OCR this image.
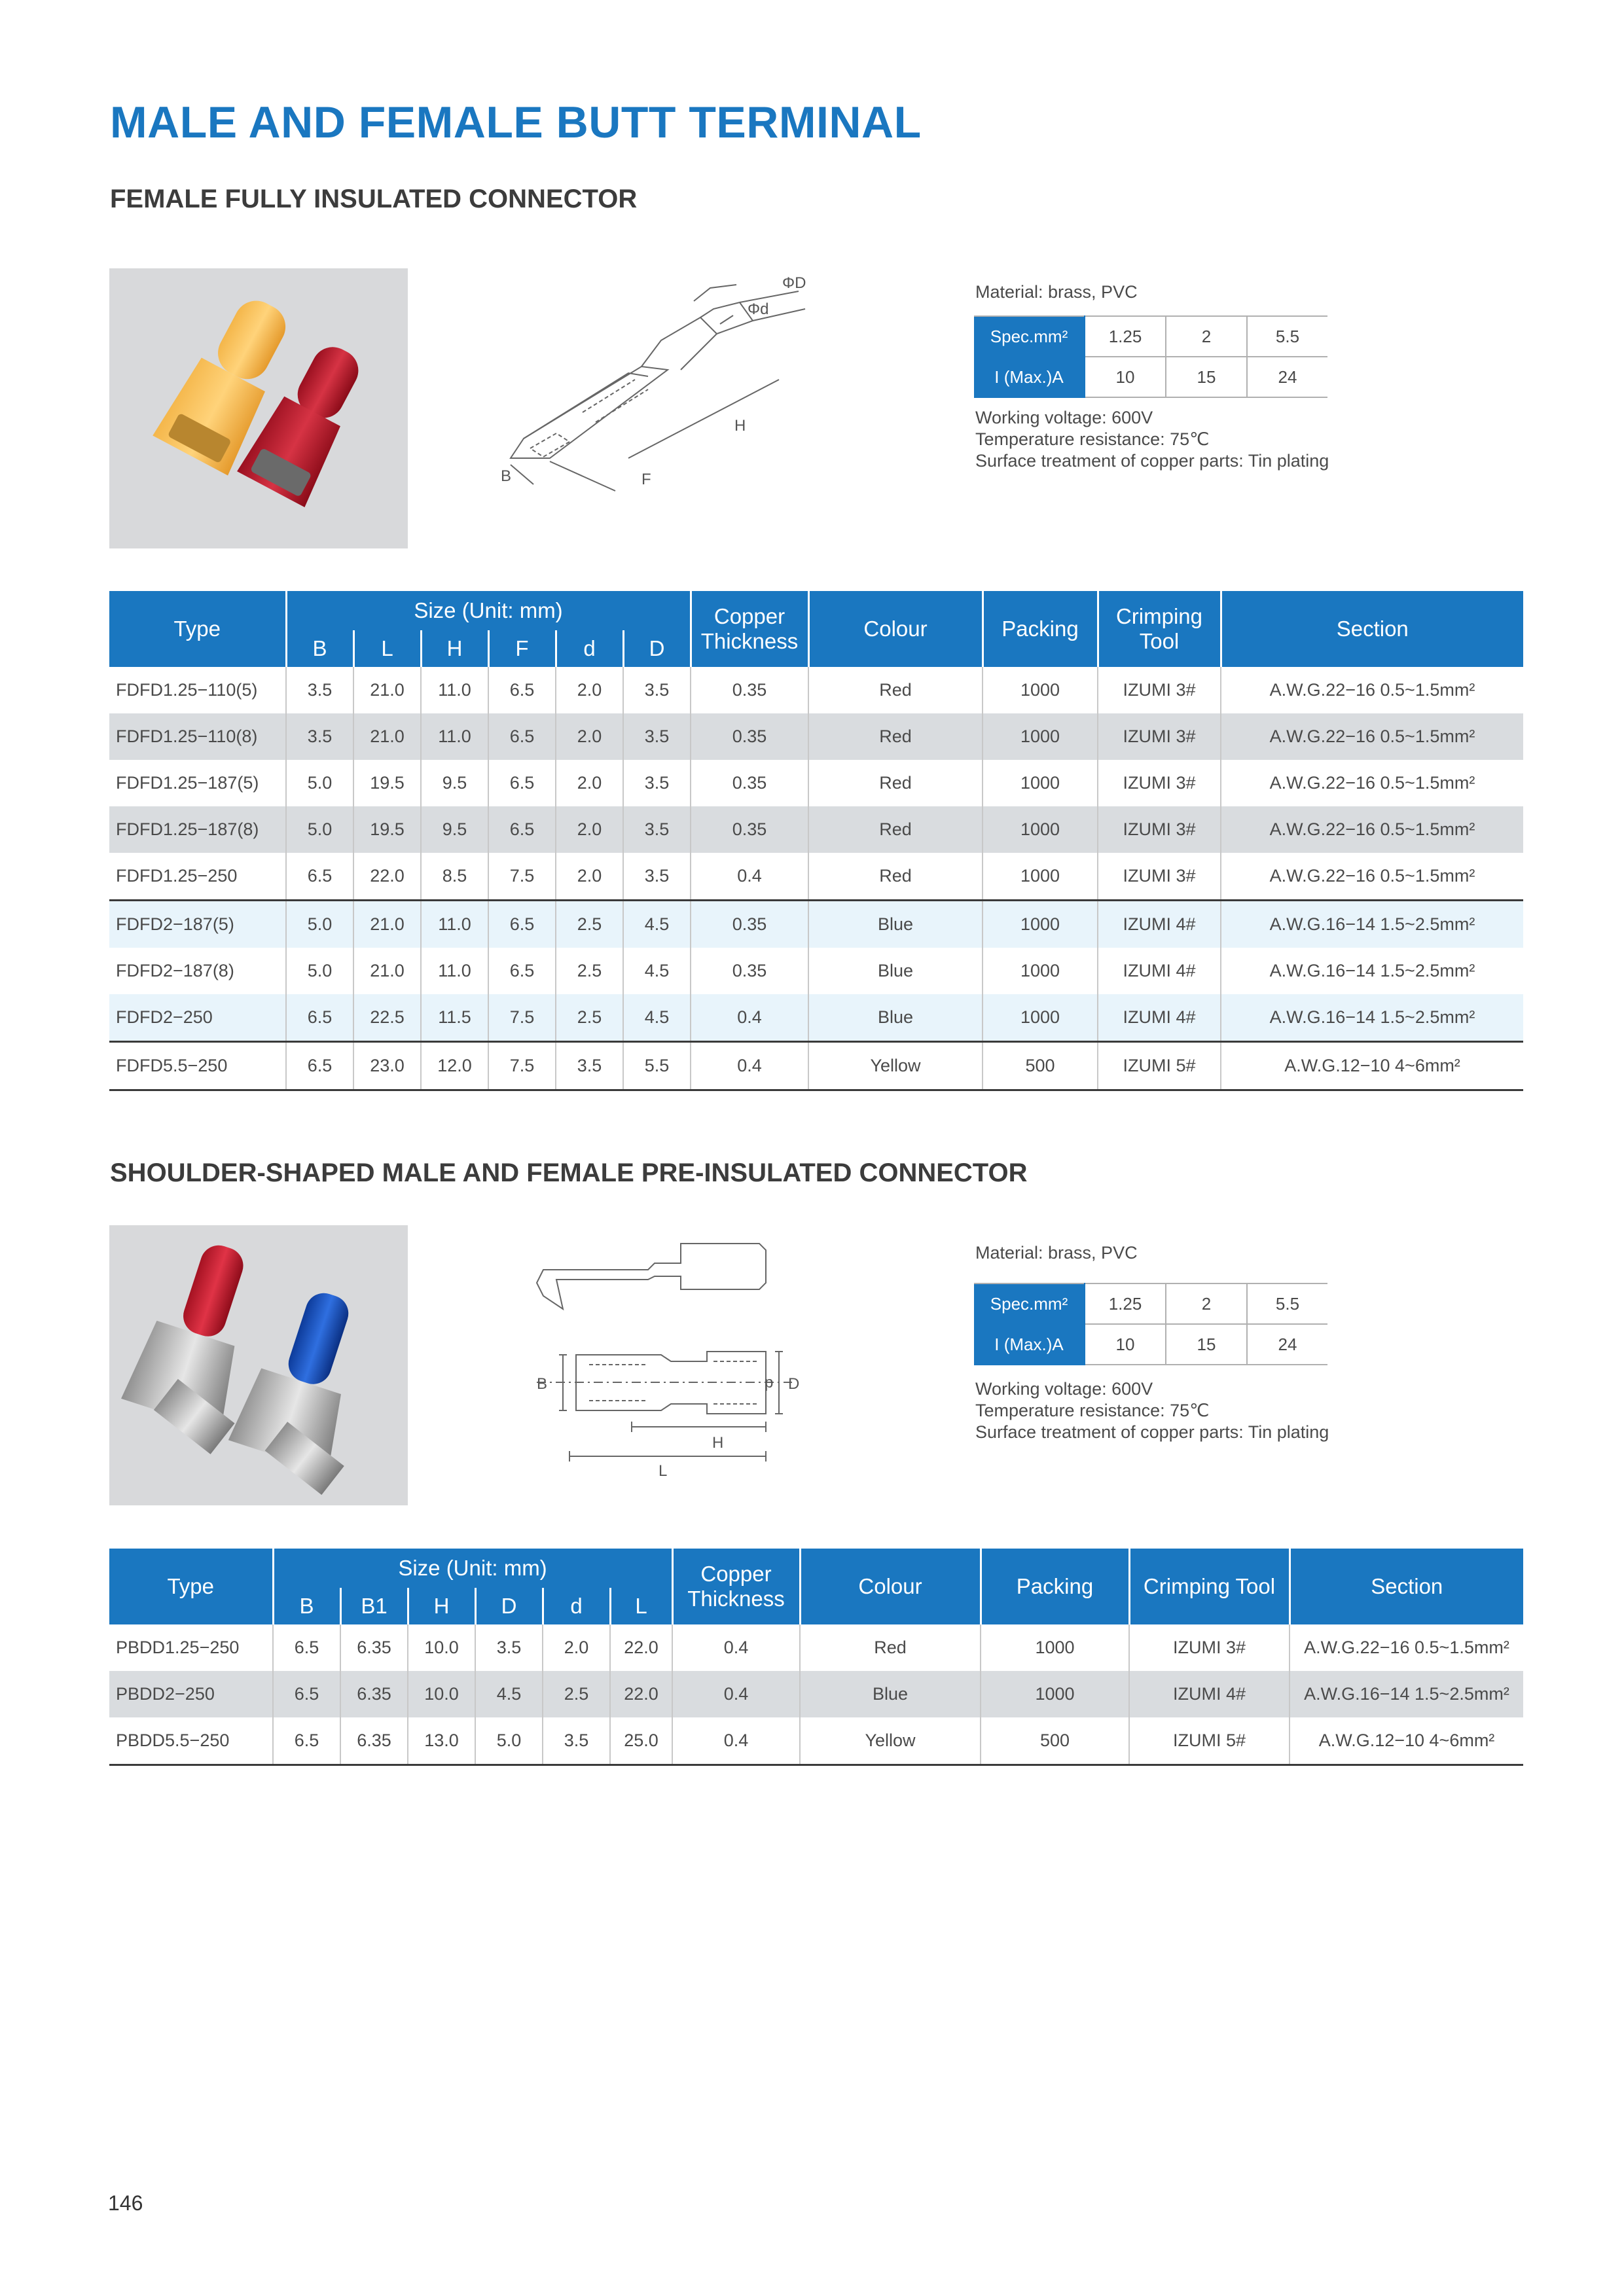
MALE AND FEMALE BUTT TERMINAL
FEMALE FULLY INSULATED CONNECTOR
ΦD
Φd
H
B	F
Material: brass, PVC
Spec.mm²	1.25	2	5.5
I (Max.)A	10	15	24
Working voltage: 600V
Temperature resistance: 75℃
Surface treatment of copper parts: Tin plating
Type	Size (Unit: mm)						Copper Thickness	Colour	Packing	Crimping Tool	Section
	B	L	H	F	d	D					
FDFD1.25−110(5)	3.5	21.0	11.0	6.5	2.0	3.5	0.35	Red	1000	IZUMI 3#	A.W.G.22−16 0.5~1.5mm²
FDFD1.25−110(8)	3.5	21.0	11.0	6.5	2.0	3.5	0.35	Red	1000	IZUMI 3#	A.W.G.22−16 0.5~1.5mm²
FDFD1.25−187(5)	5.0	19.5	9.5	6.5	2.0	3.5	0.35	Red	1000	IZUMI 3#	A.W.G.22−16 0.5~1.5mm²
FDFD1.25−187(8)	5.0	19.5	9.5	6.5	2.0	3.5	0.35	Red	1000	IZUMI 3#	A.W.G.22−16 0.5~1.5mm²
FDFD1.25−250	6.5	22.0	8.5	7.5	2.0	3.5	0.4	Red	1000	IZUMI 3#	A.W.G.22−16 0.5~1.5mm²
FDFD2−187(5)	5.0	21.0	11.0	6.5	2.5	4.5	0.35	Blue	1000	IZUMI 4#	A.W.G.16−14 1.5~2.5mm²
FDFD2−187(8)	5.0	21.0	11.0	6.5	2.5	4.5	0.35	Blue	1000	IZUMI 4#	A.W.G.16−14 1.5~2.5mm²
FDFD2−250	6.5	22.5	11.5	7.5	2.5	4.5	0.4	Blue	1000	IZUMI 4#	A.W.G.16−14 1.5~2.5mm²
FDFD5.5−250	6.5	23.0	12.0	7.5	3.5	5.5	0.4	Yellow	500	IZUMI 5#	A.W.G.12−10 4~6mm²
SHOULDER-SHAPED MALE AND FEMALE PRE-INSULATED CONNECTOR
B	p D
H
L
Material: brass, PVC
Spec.mm²	1.25	2	5.5
I (Max.)A	10	15	24
Working voltage: 600V
Temperature resistance: 75℃
Surface treatment of copper parts: Tin plating
Type	Size (Unit: mm)						Copper Thickness	Colour	Packing	Crimping Tool	Section
	B	B1	H	D	d	L					
PBDD1.25−250	6.5	6.35	10.0	3.5	2.0	22.0	0.4	Red	1000	IZUMI 3#	A.W.G.22−16 0.5~1.5mm²
PBDD2−250	6.5	6.35	10.0	4.5	2.5	22.0	0.4	Blue	1000	IZUMI 4#	A.W.G.16−14 1.5~2.5mm²
PBDD5.5−250	6.5	6.35	13.0	5.0	3.5	25.0	0.4	Yellow	500	IZUMI 5#	A.W.G.12−10 4~6mm²
146
